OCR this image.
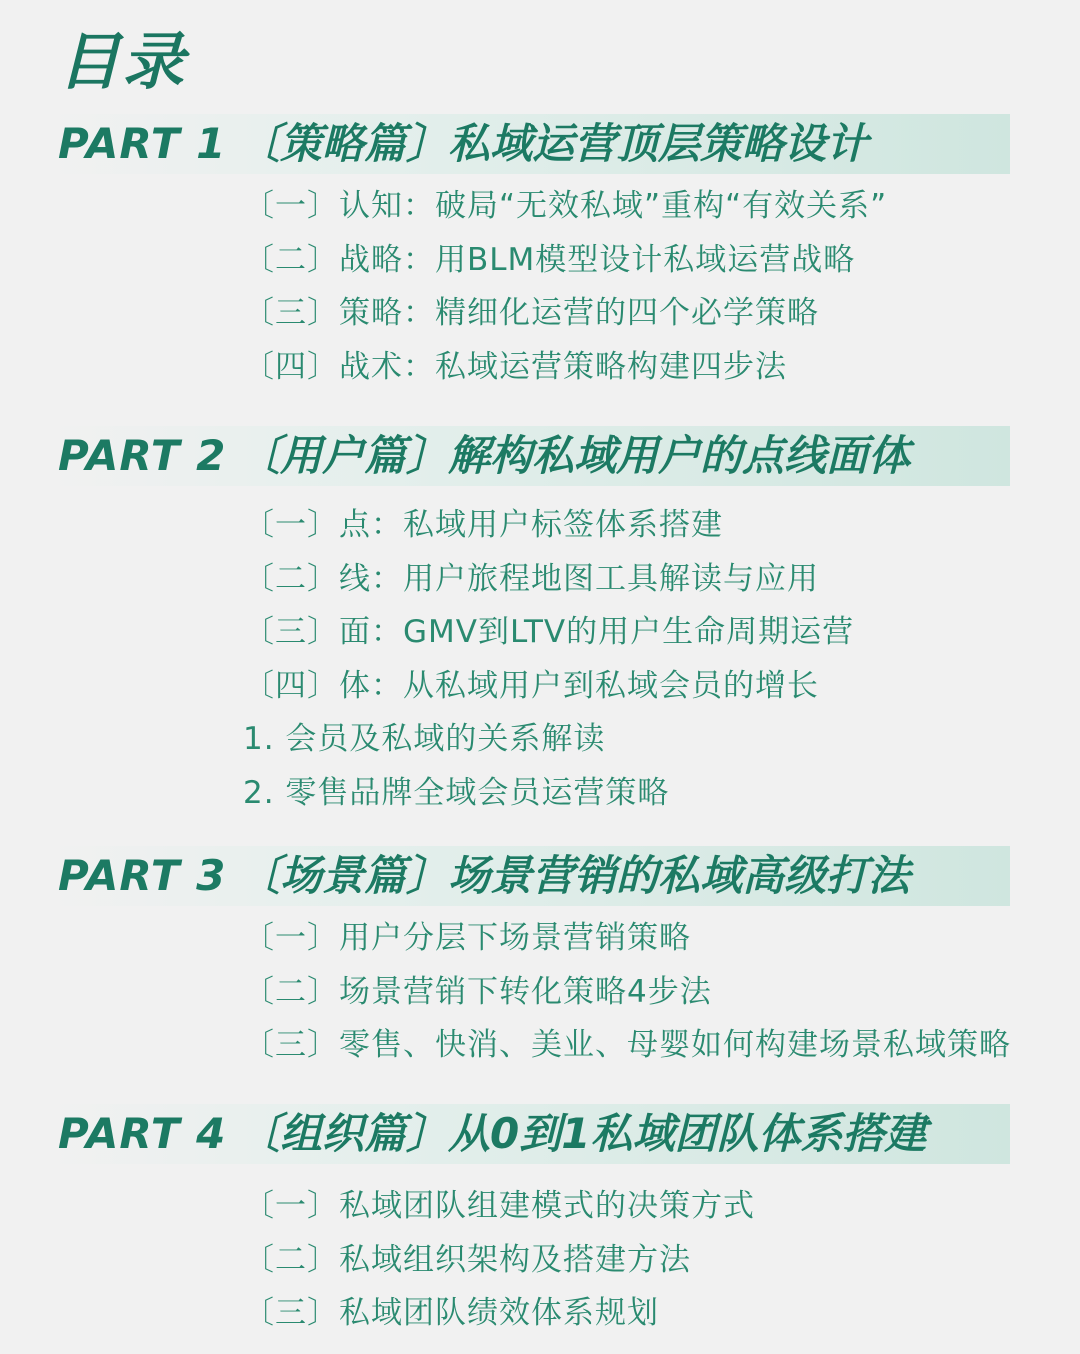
目录
PART 1 〔策略篇〕私域运营顶层策略设计
〔一〕认知：破局“无效私域”重构“有效关系”
〔二〕战略：用BLM模型设计私域运营战略
〔三〕策略：精细化运营的四个必学策略
〔四〕战术：私域运营策略构建四步法
PART 2 〔用户篇〕解构私域用户的点线面体
〔一〕点：私域用户标签体系搭建
〔二〕线：用户旅程地图工具解读与应用
〔三〕面：GMV到LTV的用户生命周期运营
〔四〕体：从私域用户到私域会员的增长
1. 会员及私域的关系解读
2. 零售品牌全域会员运营策略
PART 3 〔场景篇〕场景营销的私域高级打法
〔一〕用户分层下场景营销策略
〔二〕场景营销下转化策略4步法
〔三〕零售、快消、美业、母婴如何构建场景私域策略
PART 4 〔组织篇〕从0到1私域团队体系搭建
〔一〕私域团队组建模式的决策方式
〔二〕私域组织架构及搭建方法
〔三〕私域团队绩效体系规划
